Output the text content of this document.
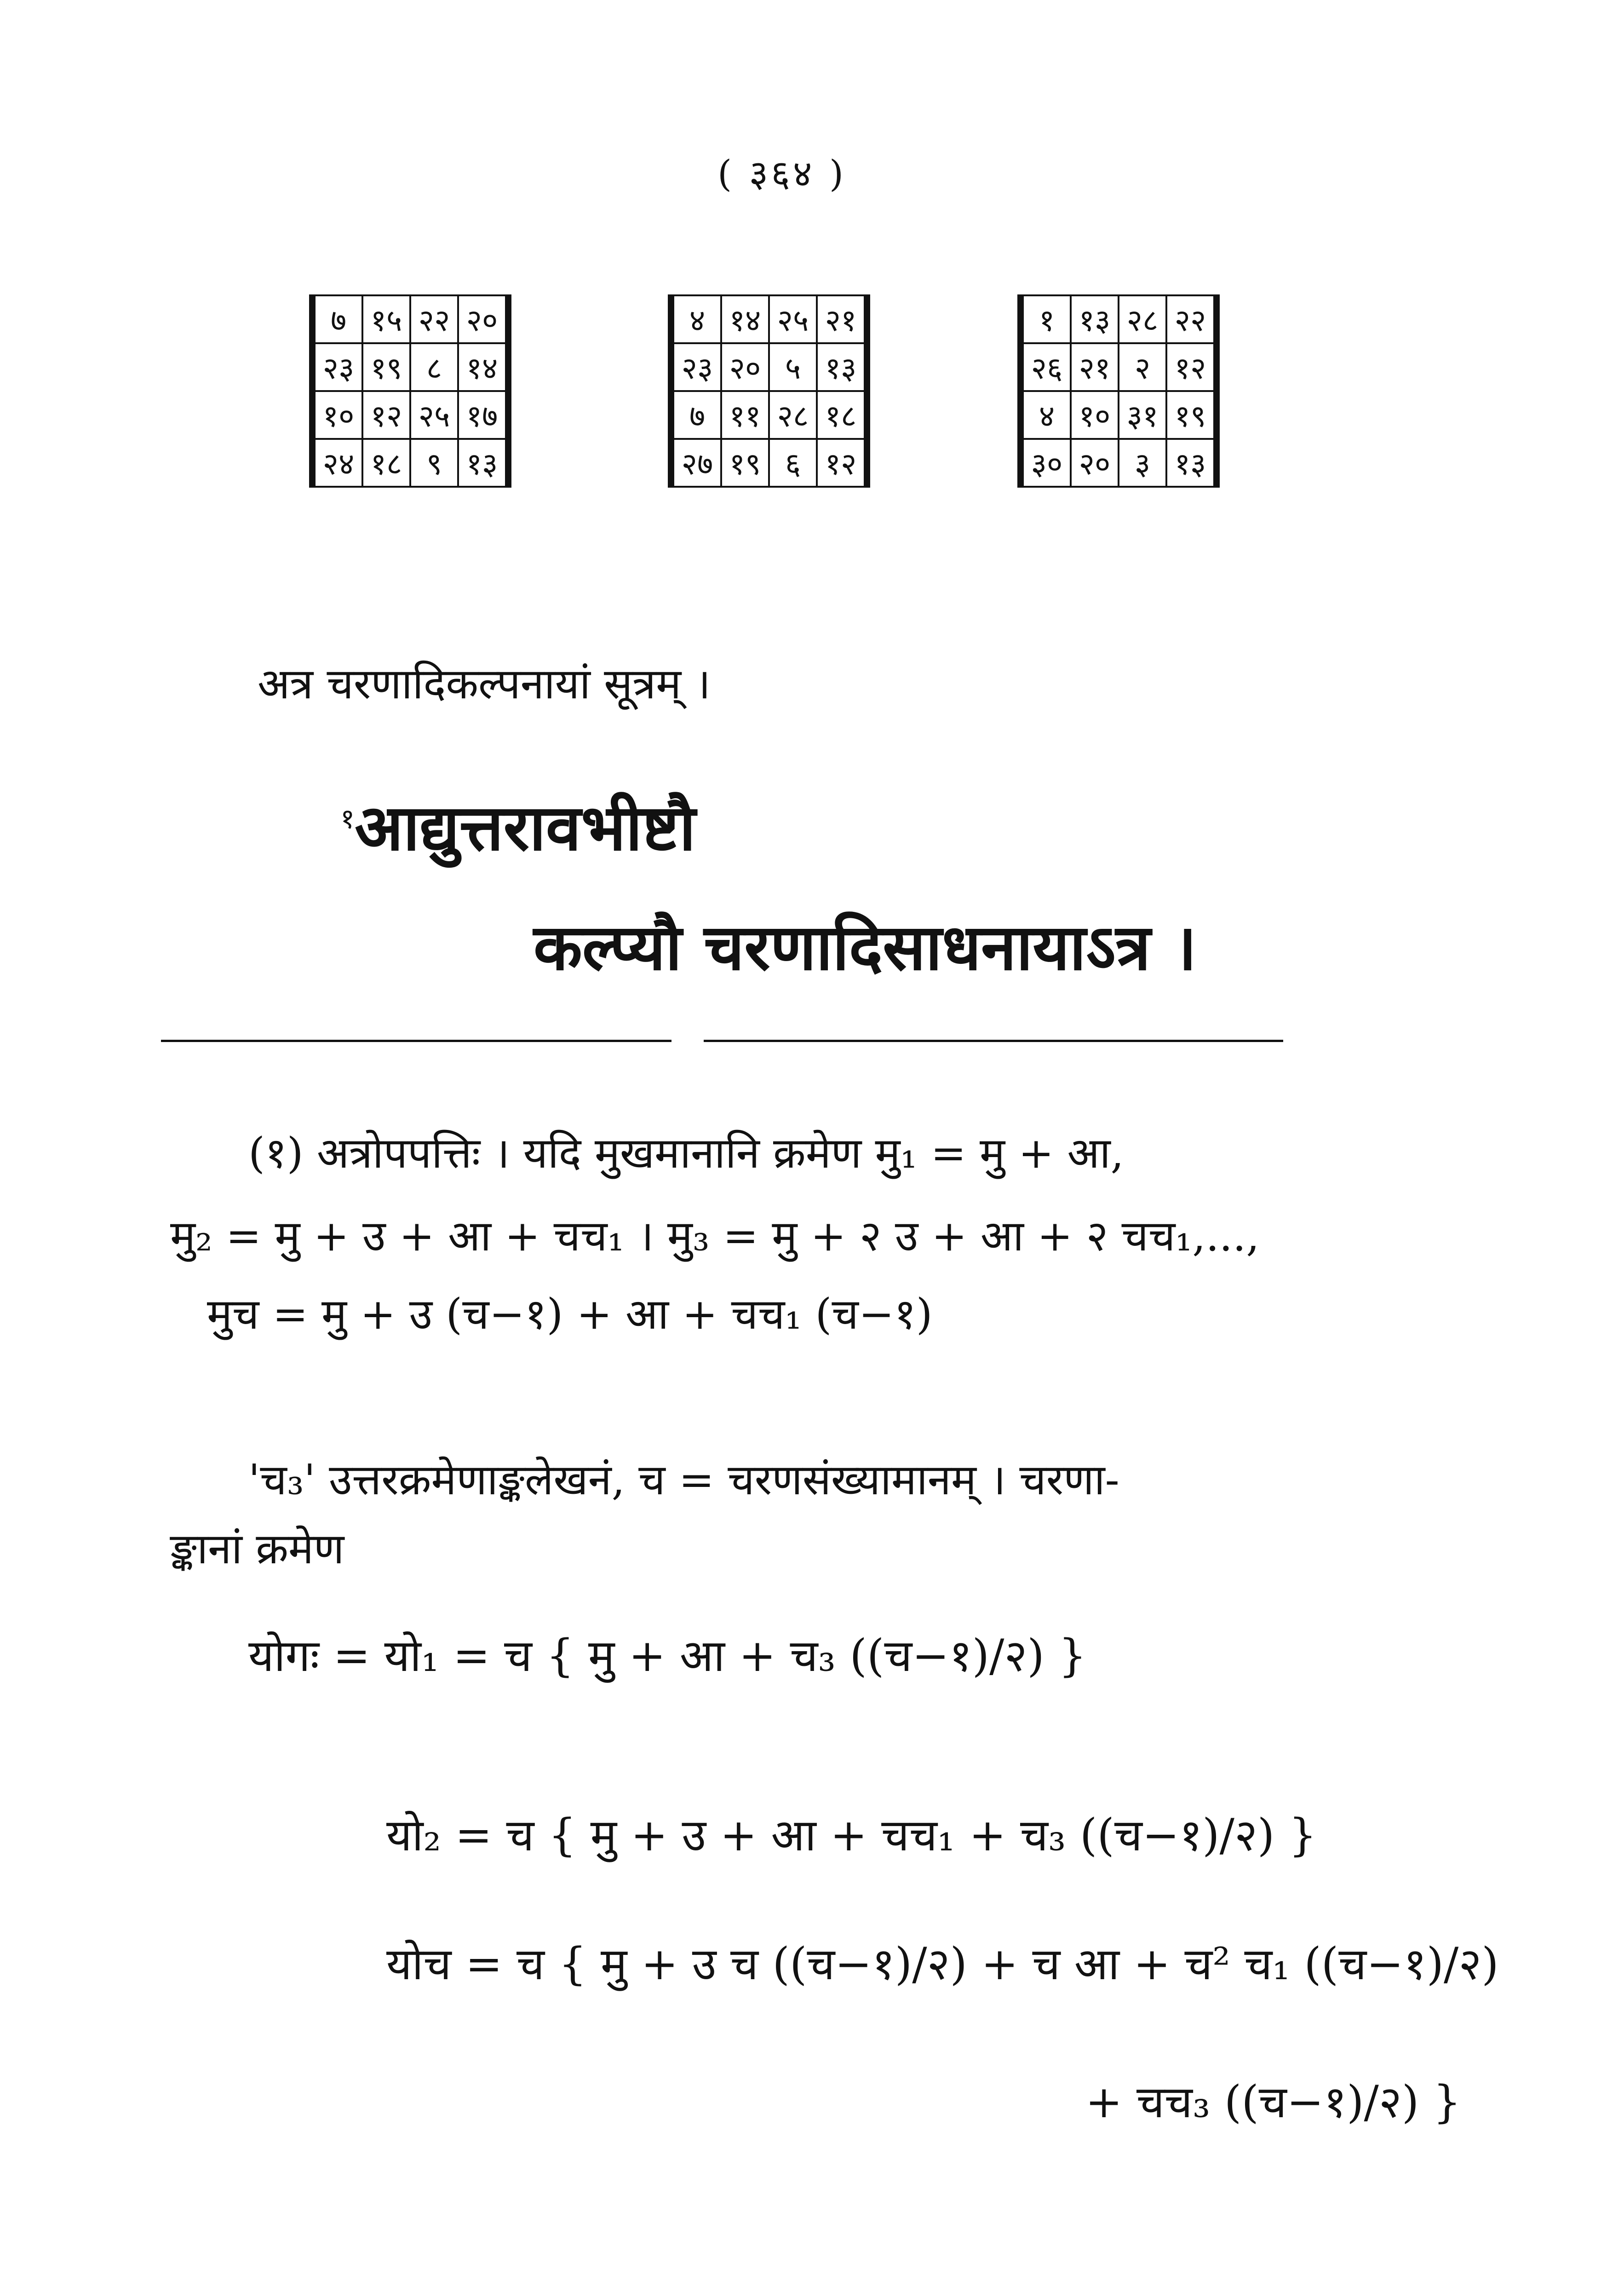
( ३६४ )
७	१५	२२	२०
२३	१९	८	१४
१०	१२	२५	१७
२४	१८	९	१३
४	१४	२५	२१
२३	२०	५	१३
७	११	२८	१८
२७	१९	६	१२
१	१३	२८	२२
२६	२१	२	१२
४	१०	३१	१९
३०	२०	३	१३
अत्र चरणादिकल्पनायां सूत्रम् ।
$^१$आद्युत्तरावभीष्टौ
कल्प्यौ चरणादिसाधनायाऽत्र ।
(१) अत्रोपपत्तिः । यदि मुखमानानि क्रमेण मु₁ = मु + आ,
मु₂ = मु + उ + आ + चच₁ । मु₃ = मु + २ उ + आ + २ चच₁,...,
मुच = मु + उ (च−१) + आ + चच₁ (च−१)
'च₃' उत्तरक्रमेणाङ्कलेखनं, च = चरणसंख्यामानम् । चरणा-
ङ्कानां क्रमेण
योगः = यो₁ = च { मु + आ + च₃ ((च−१)/२) }
यो₂ = च { मु + उ + आ + चच₁ + च₃ ((च−१)/२) }
योच = च { मु + उ च ((च−१)/२) + च आ + च² च₁ ((च−१)/२)
+ चच₃ ((च−१)/२) }
